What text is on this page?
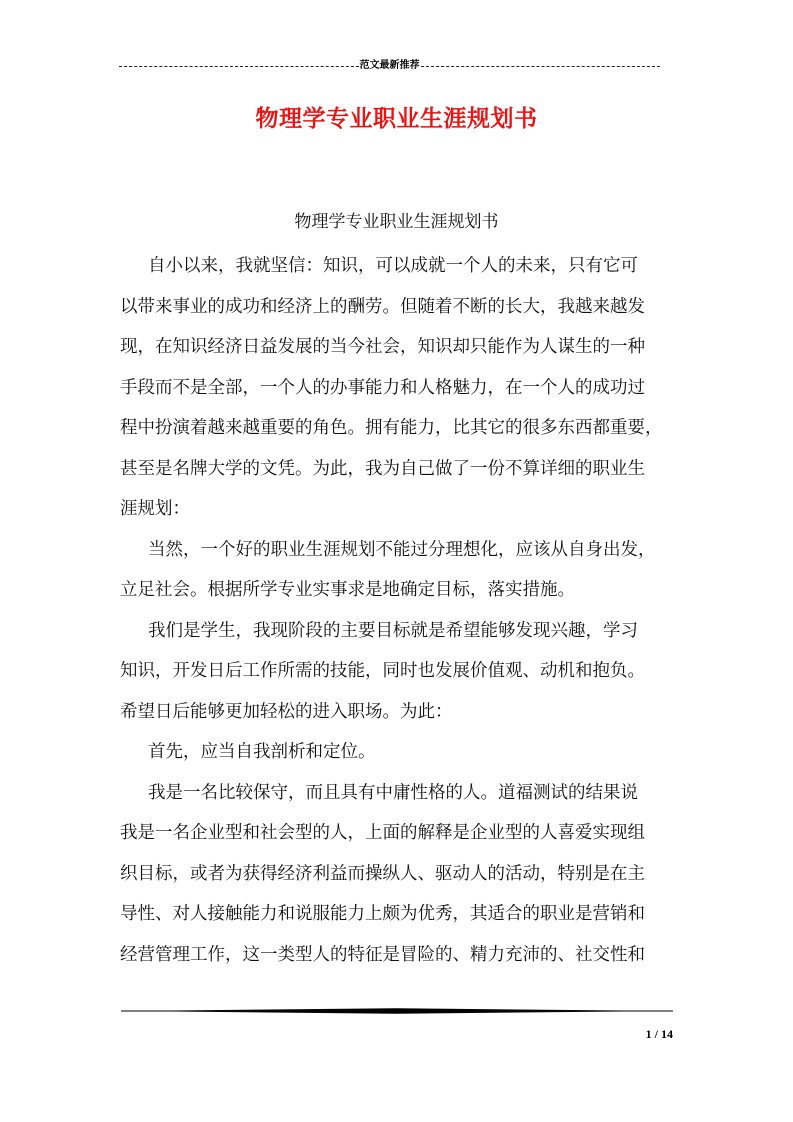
范文最新推荐
物理学专业职业生涯规划书
物理学专业职业生涯规划书
自小以来，我就坚信：知识，可以成就一个人的未来，只有它可
以带来事业的成功和经济上的酬劳。但随着不断的长大，我越来越发
现，在知识经济日益发展的当今社会，知识却只能作为人谋生的一种
手段而不是全部，一个人的办事能力和人格魅力，在一个人的成功过
程中扮演着越来越重要的角色。拥有能力，比其它的很多东西都重要，
甚至是名牌大学的文凭。为此，我为自己做了一份不算详细的职业生
涯规划：
当然，一个好的职业生涯规划不能过分理想化，应该从自身出发，
立足社会。根据所学专业实事求是地确定目标，落实措施。
我们是学生，我现阶段的主要目标就是希望能够发现兴趣，学习
知识，开发日后工作所需的技能，同时也发展价值观、动机和抱负。
希望日后能够更加轻松的进入职场。为此：
首先，应当自我剖析和定位。
我是一名比较保守，而且具有中庸性格的人。道福测试的结果说
我是一名企业型和社会型的人，上面的解释是企业型的人喜爱实现组
织目标，或者为获得经济利益而操纵人、驱动人的活动，特别是在主
导性、对人接触能力和说服能力上颇为优秀，其适合的职业是营销和
经营管理工作，这一类型人的特征是冒险的、精力充沛的、社交性和
1 / 14
